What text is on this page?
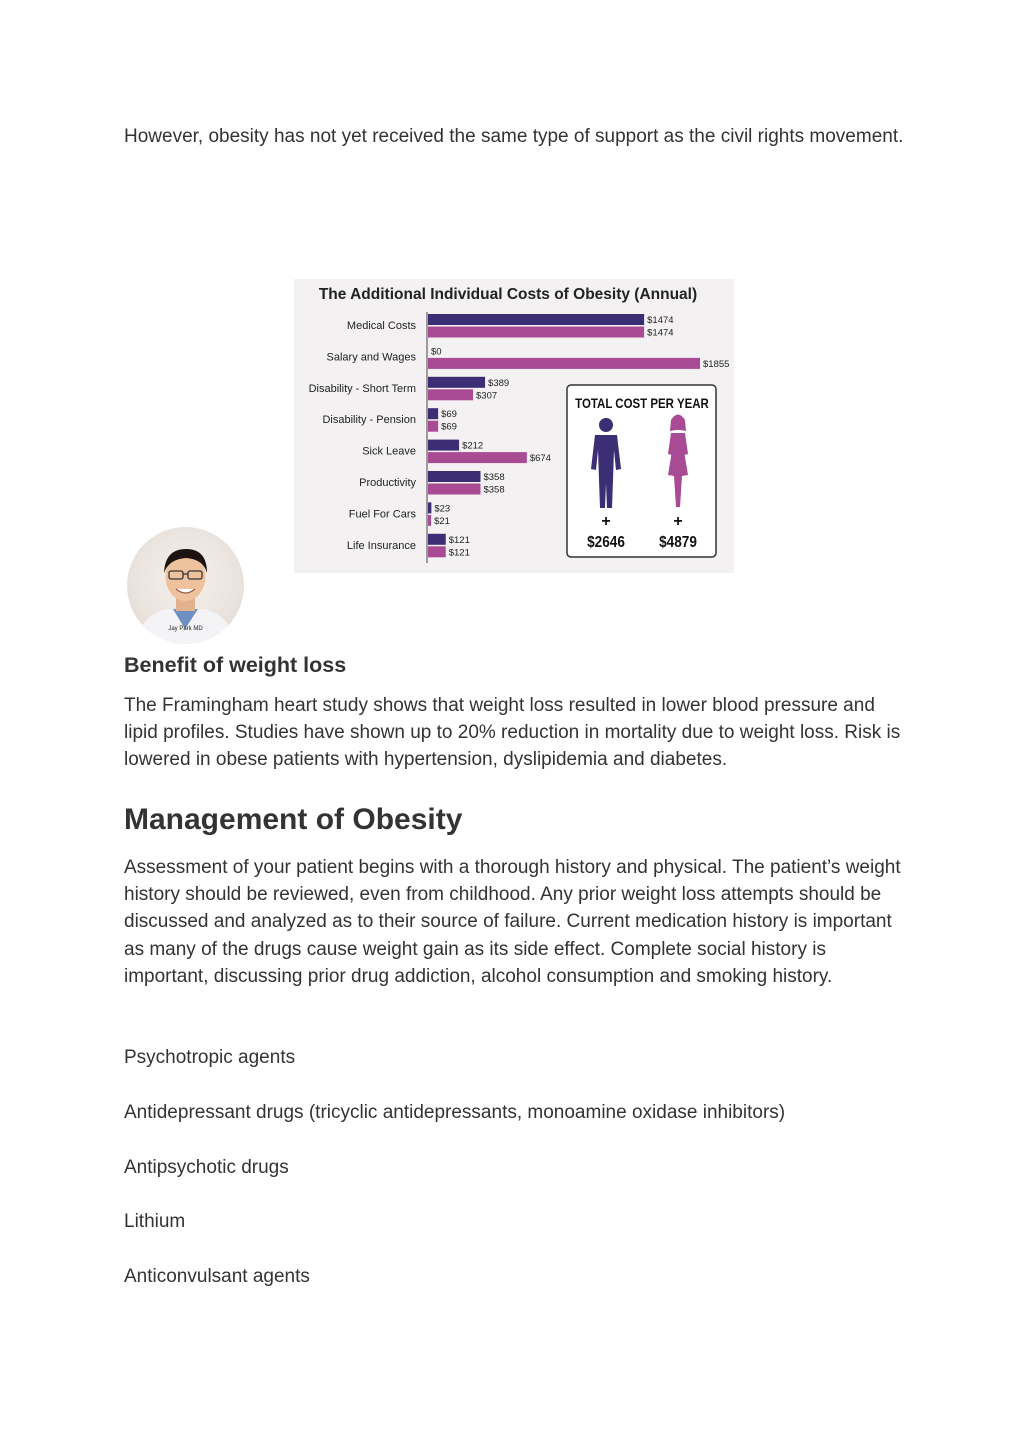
However, obesity has not yet received the same type of support as the civil rights movement.

The Additional Individual Costs of Obesity (Annual)
Medical Costs	$1474
$1474
Salary and Wages $0
$1855
Disability - Short Term	$389
$307
Disability - Pension	$69
$69
Sick Leave	$212
$674
Productivity	$358
$358
Fuel For Cars $23
$21
Life Insurance	$121
$121
TOTAL COST PER YEAR
+	+
$2646 $4879
Jay Park MD
Benefit of weight loss

The Framingham heart study shows that weight loss resulted in lower blood pressure and lipid profiles. Studies have shown up to 20% reduction in mortality due to weight loss. Risk is lowered in obese patients with hypertension, dyslipidemia and diabetes.

Management of Obesity

Assessment of your patient begins with a thorough history and physical. The patient’s weight history should be reviewed, even from childhood. Any prior weight loss attempts should be discussed and analyzed as to their source of failure. Current medication history is important as many of the drugs cause weight gain as its side effect. Complete social history is important, discussing prior drug addiction, alcohol consumption and smoking history.

Psychotropic agents

Antidepressant drugs (tricyclic antidepressants, monoamine oxidase inhibitors)

Antipsychotic drugs

Lithium

Anticonvulsant agents
